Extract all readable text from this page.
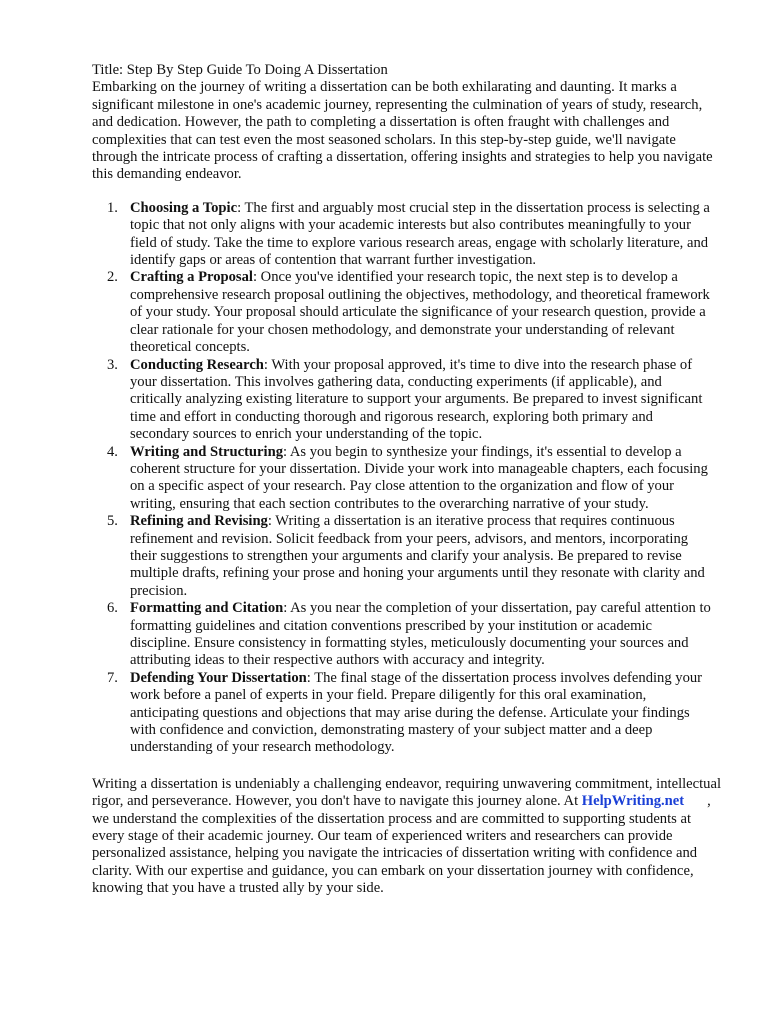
Title: Step By Step Guide To Doing A Dissertation

Embarking on the journey of writing a dissertation can be both exhilarating and daunting. It marks a significant milestone in one's academic journey, representing the culmination of years of study, research, and dedication. However, the path to completing a dissertation is often fraught with challenges and complexities that can test even the most seasoned scholars. In this step-by-step guide, we'll navigate through the intricate process of crafting a dissertation, offering insights and strategies to help you navigate this demanding endeavor.

1. Choosing a Topic: The first and arguably most crucial step in the dissertation process is selecting a topic that not only aligns with your academic interests but also contributes meaningfully to your field of study. Take the time to explore various research areas, engage with scholarly literature, and identify gaps or areas of contention that warrant further investigation.
2. Crafting a Proposal: Once you've identified your research topic, the next step is to develop a comprehensive research proposal outlining the objectives, methodology, and theoretical framework of your study. Your proposal should articulate the significance of your research question, provide a clear rationale for your chosen methodology, and demonstrate your understanding of relevant theoretical concepts.
3. Conducting Research: With your proposal approved, it's time to dive into the research phase of your dissertation. This involves gathering data, conducting experiments (if applicable), and critically analyzing existing literature to support your arguments. Be prepared to invest significant time and effort in conducting thorough and rigorous research, exploring both primary and secondary sources to enrich your understanding of the topic.
4. Writing and Structuring: As you begin to synthesize your findings, it's essential to develop a coherent structure for your dissertation. Divide your work into manageable chapters, each focusing on a specific aspect of your research. Pay close attention to the organization and flow of your writing, ensuring that each section contributes to the overarching narrative of your study.
5. Refining and Revising: Writing a dissertation is an iterative process that requires continuous refinement and revision. Solicit feedback from your peers, advisors, and mentors, incorporating their suggestions to strengthen your arguments and clarify your analysis. Be prepared to revise multiple drafts, refining your prose and honing your arguments until they resonate with clarity and precision.
6. Formatting and Citation: As you near the completion of your dissertation, pay careful attention to formatting guidelines and citation conventions prescribed by your institution or academic discipline. Ensure consistency in formatting styles, meticulously documenting your sources and attributing ideas to their respective authors with accuracy and integrity.
7. Defending Your Dissertation: The final stage of the dissertation process involves defending your work before a panel of experts in your field. Prepare diligently for this oral examination, anticipating questions and objections that may arise during the defense. Articulate your findings with confidence and conviction, demonstrating mastery of your subject matter and a deep understanding of your research methodology.

Writing a dissertation is undeniably a challenging endeavor, requiring unwavering commitment, intellectual rigor, and perseverance. However, you don't have to navigate this journey alone. At HelpWriting.net , we understand the complexities of the dissertation process and are committed to supporting students at every stage of their academic journey. Our team of experienced writers and researchers can provide personalized assistance, helping you navigate the intricacies of dissertation writing with confidence and clarity. With our expertise and guidance, you can embark on your dissertation journey with confidence, knowing that you have a trusted ally by your side.
